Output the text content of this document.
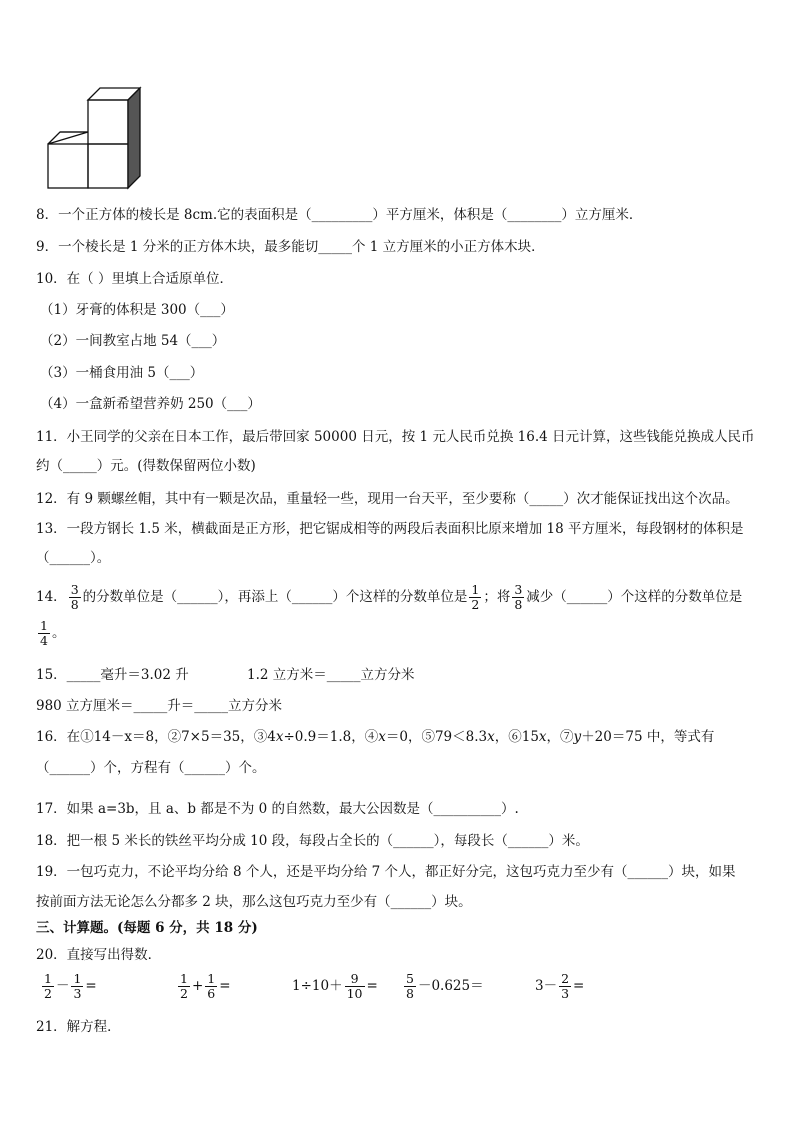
8．一个正方体的棱长是 8cm.它的表面积是（_________）平方厘米，体积是（________）立方厘米．
9．一个棱长是 1 分米的正方体木块，最多能切_____个 1 立方厘米的小正方体木块．
10．在（ ）里填上合适原单位．
（1）牙膏的体积是 300（___）
（2）一间教室占地 54（___）
（3）一桶食用油 5（___）
（4）一盒新希望营养奶 250（___）
11．小王同学的父亲在日本工作，最后带回家 50000 日元，按 1 元人民币兑换 16.4 日元计算，这些钱能兑换成人民币
约（_____）元。(得数保留两位小数)
12．有 9 颗螺丝帽，其中有一颗是次品，重量轻一些，现用一台天平，至少要称（_____）次才能保证找出这个次品。
13．一段方钢长 1.5 米，横截面是正方形，把它锯成相等的两段后表面积比原来增加 18 平方厘米，每段钢材的体积是
（______）。
14． $\frac{3}{8}$ 的分数单位是（______），再添上（______）个这样的分数单位是 $\frac{1}{2}$ ；将 $\frac{3}{8}$ 减少（______）个这样的分数单位是
$\frac{1}{4}$ 。
15．_____毫升＝3.02 升	1.2 立方米＝_____立方分米
980 立方厘米＝_____升＝_____立方分米
16．在①14－x＝8，②7×5＝35，③4x÷0.9＝1.8，④x＝0，⑤79＜8.3x，⑥15x，⑦y＋20＝75 中，等式有
（______）个，方程有（______）个。
17．如果 a=3b，且 a、b 都是不为 0 的自然数，最大公因数是（__________）.
18．把一根 5 米长的铁丝平均分成 10 段，每段占全长的（______），每段长（______）米。
19．一包巧克力，不论平均分给 8 个人，还是平均分给 7 个人，都正好分完，这包巧克力至少有（______）块，如果
按前面方法无论怎么分都多 2 块，那么这包巧克力至少有（______）块。
三、计算题。(每题 6 分，共 18 分)
20．直接写出得数．
$\frac{1}{2} - \frac{1}{3}$ =	$\frac{1}{2} + \frac{1}{6}$ =	$1\div 10+ \frac{9}{10} = \frac{5}{8} -0.625=$	$3- \frac{2}{3}$ =
21．解方程．
